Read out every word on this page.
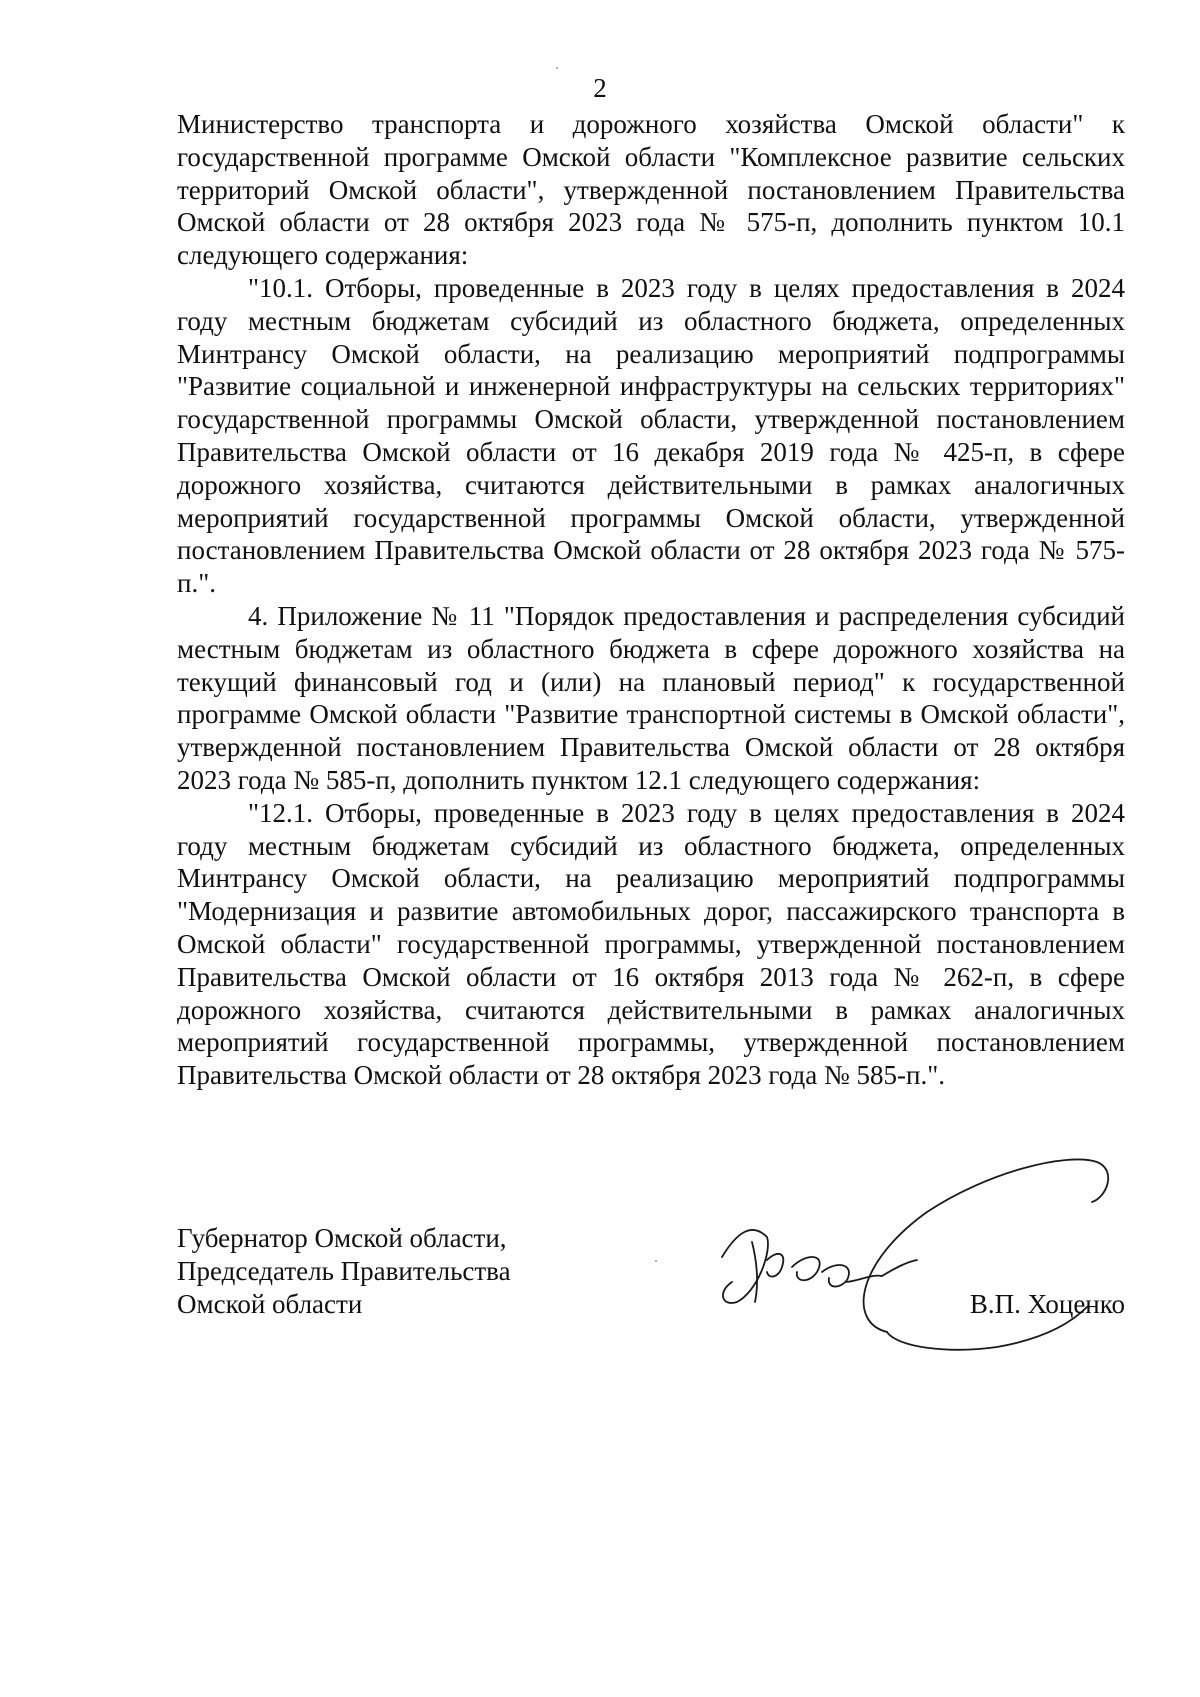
2

Министерство транспорта и дорожного хозяйства Омской области" к государственной программе Омской области "Комплексное развитие сельских территорий Омской области", утвержденной постановлением Правительства Омской области от 28 октября 2023 года № 575-п, дополнить пунктом 10.1 следующего содержания:

"10.1. Отборы, проведенные в 2023 году в целях предоставления в 2024 году местным бюджетам субсидий из областного бюджета, определенных Минтрансу Омской области, на реализацию мероприятий подпрограммы "Развитие социальной и инженерной инфраструктуры на сельских территориях" государственной программы Омской области, утвержденной постановлением Правительства Омской области от 16 декабря 2019 года № 425-п, в сфере дорожного хозяйства, считаются действительными в рамках аналогичных мероприятий государственной программы Омской области, утвержденной постановлением Правительства Омской области от 28 октября 2023 года № 575-п.".

4. Приложение № 11 "Порядок предоставления и распределения субсидий местным бюджетам из областного бюджета в сфере дорожного хозяйства на текущий финансовый год и (или) на плановый период" к государственной программе Омской области "Развитие транспортной системы в Омской области", утвержденной постановлением Правительства Омской области от 28 октября 2023 года № 585-п, дополнить пунктом 12.1 следующего содержания:

"12.1. Отборы, проведенные в 2023 году в целях предоставления в 2024 году местным бюджетам субсидий из областного бюджета, определенных Минтрансу Омской области, на реализацию мероприятий подпрограммы "Модернизация и развитие автомобильных дорог, пассажирского транспорта в Омской области" государственной программы, утвержденной постановлением Правительства Омской области от 16 октября 2013 года № 262-п, в сфере дорожного хозяйства, считаются действительными в рамках аналогичных мероприятий государственной программы, утвержденной постановлением Правительства Омской области от 28 октября 2023 года № 585-п.".

Губернатор Омской области,
Председатель Правительства
Омской области	В.П. Хоценко
